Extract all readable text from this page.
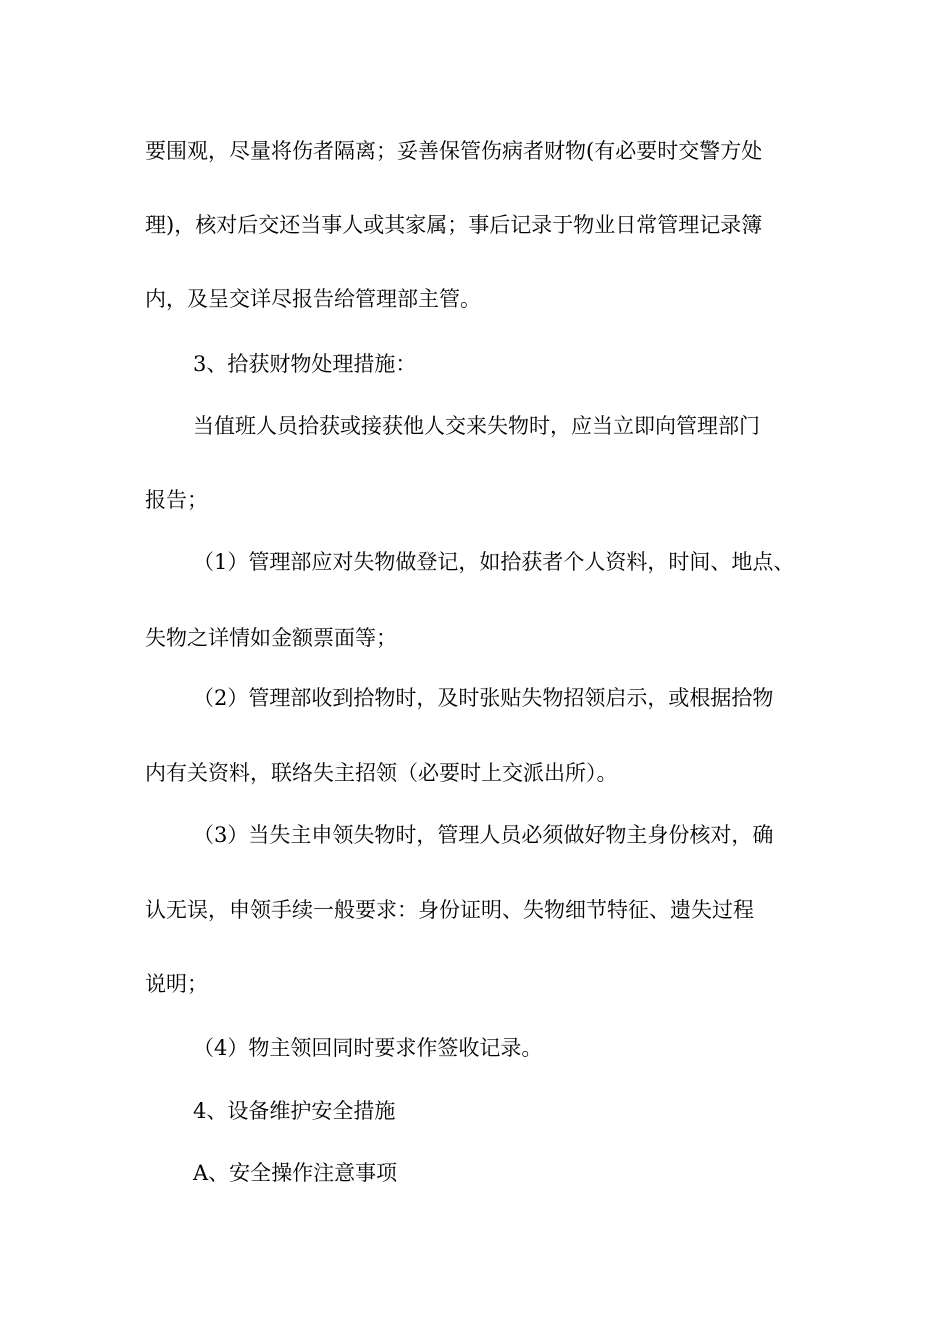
要围观，尽量将伤者隔离；妥善保管伤病者财物(有必要时交警方处
理)，核对后交还当事人或其家属；事后记录于物业日常管理记录簿
内，及呈交详尽报告给管理部主管。
3、拾获财物处理措施：
当值班人员拾获或接获他人交来失物时，应当立即向管理部门
报告；
（1）管理部应对失物做登记，如拾获者个人资料，时间、地点、
失物之详情如金额票面等；
（2）管理部收到拾物时，及时张贴失物招领启示，或根据拾物
内有关资料，联络失主招领（必要时上交派出所）。
（3）当失主申领失物时，管理人员必须做好物主身份核对，确
认无误，申领手续一般要求：身份证明、失物细节特征、遗失过程
说明；
（4）物主领回同时要求作签收记录。
4、设备维护安全措施
A、安全操作注意事项
